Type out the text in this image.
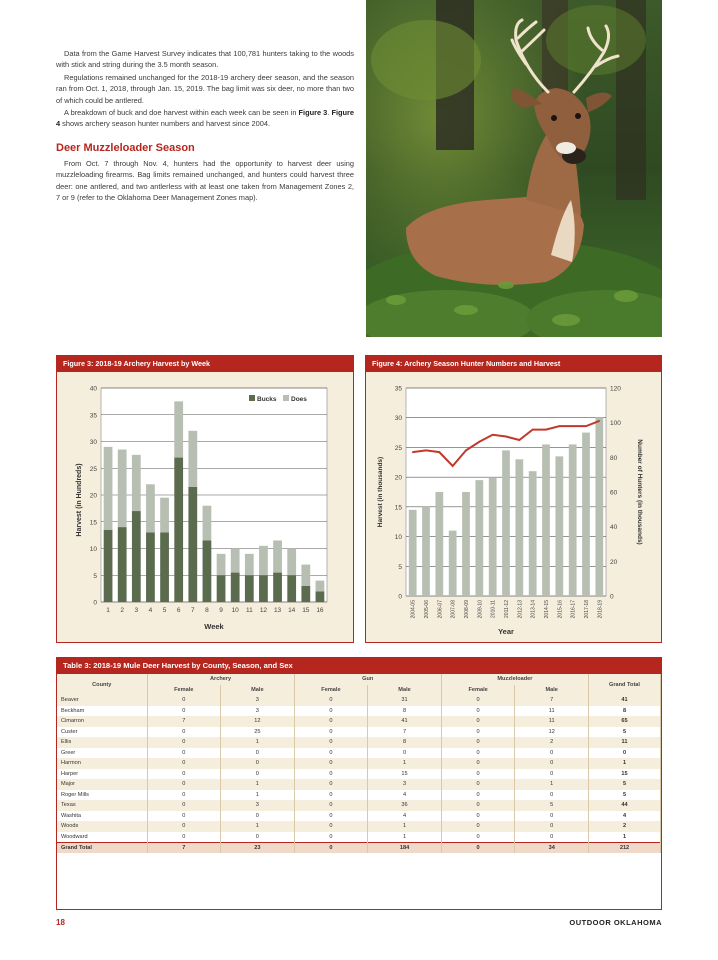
Data from the Game Harvest Survey indicates that 100,781 hunters taking to the woods with stick and string during the 3.5 month season.

Regulations remained unchanged for the 2018-19 archery deer season, and the season ran from Oct. 1, 2018, through Jan. 15, 2019. The bag limit was six deer, no more than two of which could be antlered.

A breakdown of buck and doe harvest within each week can be seen in Figure 3. Figure 4 shows archery season hunter numbers and harvest since 2004.

Deer Muzzleloader Season

From Oct. 7 through Nov. 4, hunters had the opportunity to harvest deer using muzzleloading firearms. Bag limits remained unchanged, and hunters could harvest three deer: one antlered, and two antlerless with at least one taken from Management Zones 2, 7 or 9 (refer to the Oklahoma Deer Management Zones map).

Figure 3: 2018-19 Archery Harvest by Week
0
5
10
15
20
25
30
35
40
1 2 3 4 5 6 7 8 9 10 11 12 13 14 15 16
Harvest (in Hundreds)
Week
Bucks Does
Figure 4: Archery Season Hunter Numbers and Harvest
0
5
10
15
20
25
30
35
0
20
40
60
80
100
120
2004-05 2005-06 2006-07 2007-08 2008-09 2009-10 2010-11 2011-12 2012-13 2013-14 2014-15 2015-16 2016-17 2017-18 2018-19
Harvest (in thousands)	Number of Hunters (in thousands)
Year
Table 3: 2018-19 Mule Deer Harvest by County, Season, and Sex
County	Archery		Gun		Muzzleloader		Grand Total
	Female	Male	Female	Male	Female	Male	
Beaver	0	3	0	31	0	7	41
Beckham	0	3	0	8	0	11	8
Cimarron	7	12	0	41	0	11	65
Custer	0	25	0	7	0	12	5
Ellis	0	1	0	8	0	2	11
Greer	0	0	0	0	0	0	0
Harmon	0	0	0	1	0	0	1
Harper	0	0	0	15	0	0	15
Major	0	1	0	3	0	1	5
Roger Mills	0	1	0	4	0	0	5
Texas	0	3	0	36	0	5	44
Washita	0	0	0	4	0	0	4
Woods	0	1	0	1	0	0	2
Woodward	0	0	0	1	0	0	1
Grand Total	7	23	0	184	0	34	212
18	OUTDOOR OKLAHOMA
